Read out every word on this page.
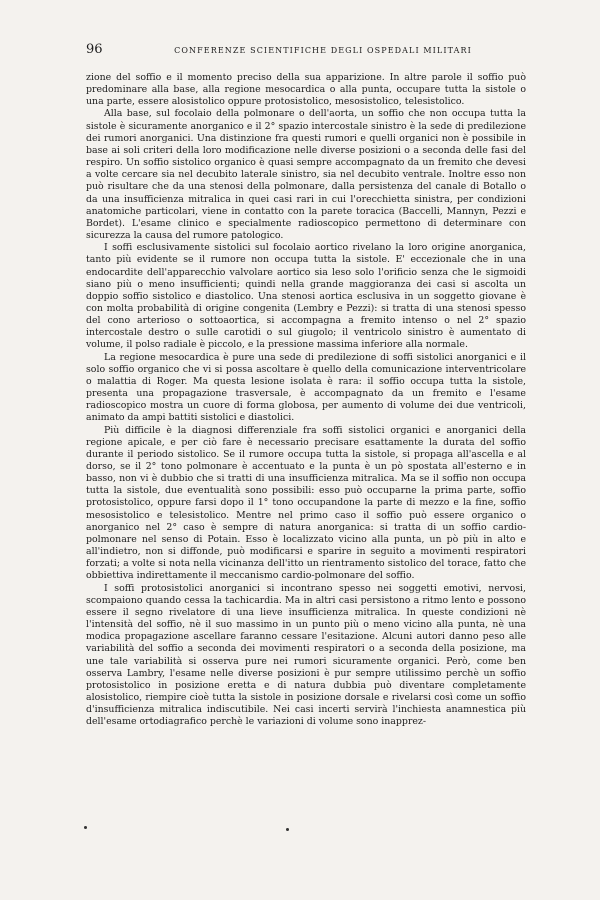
96	CONFERENZE SCIENTIFICHE DEGLI OSPEDALI MILITARI

zione del soffio e il momento preciso della sua apparizione. In altre parole il soffio può predominare alla base, alla regione mesocardica o alla punta, occupare tutta la sistole o una parte, essere alosistolico oppure protosistolico, mesosistolico, telesistolico.

Alla base, sul focolaio della polmonare o dell'aorta, un soffio che non occupa tutta la sistole è sicuramente anorganico e il 2° spazio intercostale sinistro è la sede di predilezione dei rumori anorganici. Una distinzione fra questi rumori e quelli organici non è possibile in base ai soli criteri della loro modificazione nelle diverse posizioni o a seconda delle fasi del respiro. Un soffio sistolico organico è quasi sempre accompagnato da un fremito che devesi a volte cercare sia nel decubito laterale sinistro, sia nel decubito ventrale. Inoltre esso non può risultare che da una stenosi della polmonare, dalla persistenza del canale di Botallo o da una insufficienza mitralica in quei casi rari in cui l'orecchietta sinistra, per condizioni anatomiche particolari, viene in contatto con la parete toracica (Baccelli, Mannyn, Pezzi e Bordet). L'esame clinico e specialmente radioscopico permettono di determinare con sicurezza la causa del rumore patologico.

I soffi esclusivamente sistolici sul focolaio aortico rivelano la loro origine anorganica, tanto più evidente se il rumore non occupa tutta la sistole. E' eccezionale che in una endocardite dell'apparecchio valvolare aortico sia leso solo l'orificio senza che le sigmoidi siano più o meno insufficienti; quindi nella grande maggioranza dei casi si ascolta un doppio soffio sistolico e diastolico. Una stenosi aortica esclusiva in un soggetto giovane è con molta probabilità di origine congenita (Lembry e Pezzi): si tratta di una stenosi spesso del cono arterioso o sottoaortica, si accompagna a fremito intenso o nel 2° spazio intercostale destro o sulle carotidi o sul giugolo; il ventricolo sinistro è aumentato di volume, il polso radiale è piccolo, e la pressione massima inferiore alla normale.

La regione mesocardica è pure una sede di predilezione di soffi sistolici anorganici e il solo soffio organico che vi si possa ascoltare è quello della comunicazione interventricolare o malattia di Roger. Ma questa lesione isolata è rara: il soffio occupa tutta la sistole, presenta una propagazione trasversale, è accompagnato da un fremito e l'esame radioscopico mostra un cuore di forma globosa, per aumento di volume dei due ventricoli, animato da ampi battiti sistolici e diastolici.

Più difficile è la diagnosi differenziale fra soffi sistolici organici e anorganici della regione apicale, e per ciò fare è necessario precisare esattamente la durata del soffio durante il periodo sistolico. Se il rumore occupa tutta la sistole, si propaga all'ascella e al dorso, se il 2° tono polmonare è accentuato e la punta è un pò spostata all'esterno e in basso, non vi è dubbio che si tratti di una insufficienza mitralica. Ma se il soffio non occupa tutta la sistole, due eventualità sono possibili: esso può occuparne la prima parte, soffio protosistolico, oppure farsi dopo il 1° tono occupandone la parte di mezzo e la fine, soffio mesosistolico e telesistolico. Mentre nel primo caso il soffio può essere organico o anorganico nel 2° caso è sempre di natura anorganica: si tratta di un soffio cardio-polmonare nel senso di Potain. Esso è localizzato vicino alla punta, un pò più in alto e all'indietro, non si diffonde, può modificarsi e sparire in seguito a movimenti respiratori forzati; a volte si nota nella vicinanza dell'itto un rientramento sistolico del torace, fatto che obbiettiva indirettamente il meccanismo cardio-polmonare del soffio.

I soffi protosistolici anorganici si incontrano spesso nei soggetti emotivi, nervosi, scompaiono quando cessa la tachicardia. Ma in altri casi persistono a ritmo lento e possono essere il segno rivelatore di una lieve insufficienza mitralica. In queste condizioni nè l'intensità del soffio, nè il suo massimo in un punto più o meno vicino alla punta, nè una modica propagazione ascellare faranno cessare l'esitazione. Alcuni autori danno peso alle variabilità del soffio a seconda dei movimenti respiratori o a seconda della posizione, ma une tale variabilità si osserva pure nei rumori sicuramente organici. Però, come ben osserva Lambry, l'esame nelle diverse posizioni è pur sempre utilissimo perchè un soffio protosistolico in posizione eretta e di natura dubbia può diventare completamente alosistolico, riempire cioè tutta la sistole in posizione dorsale e rivelarsi così come un soffio d'insufficienza mitralica indiscutibile. Nei casi incerti servirà l'inchiesta anamnestica più dell'esame ortodiagrafico perchè le variazioni di volume sono inapprez-
